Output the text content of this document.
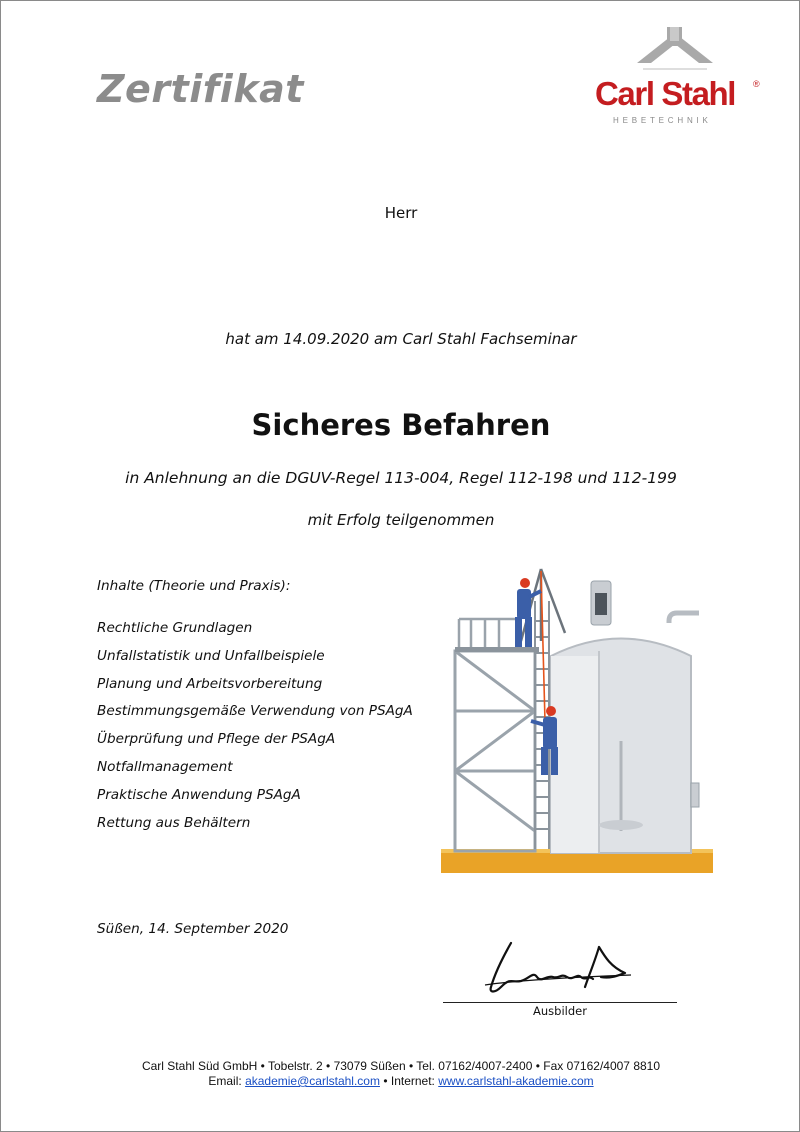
Zertifikat	Carl Stahl ®
HEBETECHNIK
Herr
hat am 14.09.2020 am Carl Stahl Fachseminar
Sicheres Befahren
in Anlehnung an die DGUV-Regel 113-004, Regel 112-198 und 112-199
mit Erfolg teilgenommen
Inhalte (Theorie und Praxis):
Rechtliche Grundlagen
Unfallstatistik und Unfallbeispiele
Planung und Arbeitsvorbereitung
Bestimmungsgemäße Verwendung von PSAgA
Überprüfung und Pflege der PSAgA
Notfallmanagement
Praktische Anwendung PSAgA
Rettung aus Behältern
Süßen, 14. September 2020
Ausbilder
Carl Stahl Süd GmbH • Tobelstr. 2 • 73079 Süßen • Tel. 07162/4007-2400 • Fax 07162/4007 8810
Email: akademie@carlstahl.com • Internet: www.carlstahl-akademie.com
